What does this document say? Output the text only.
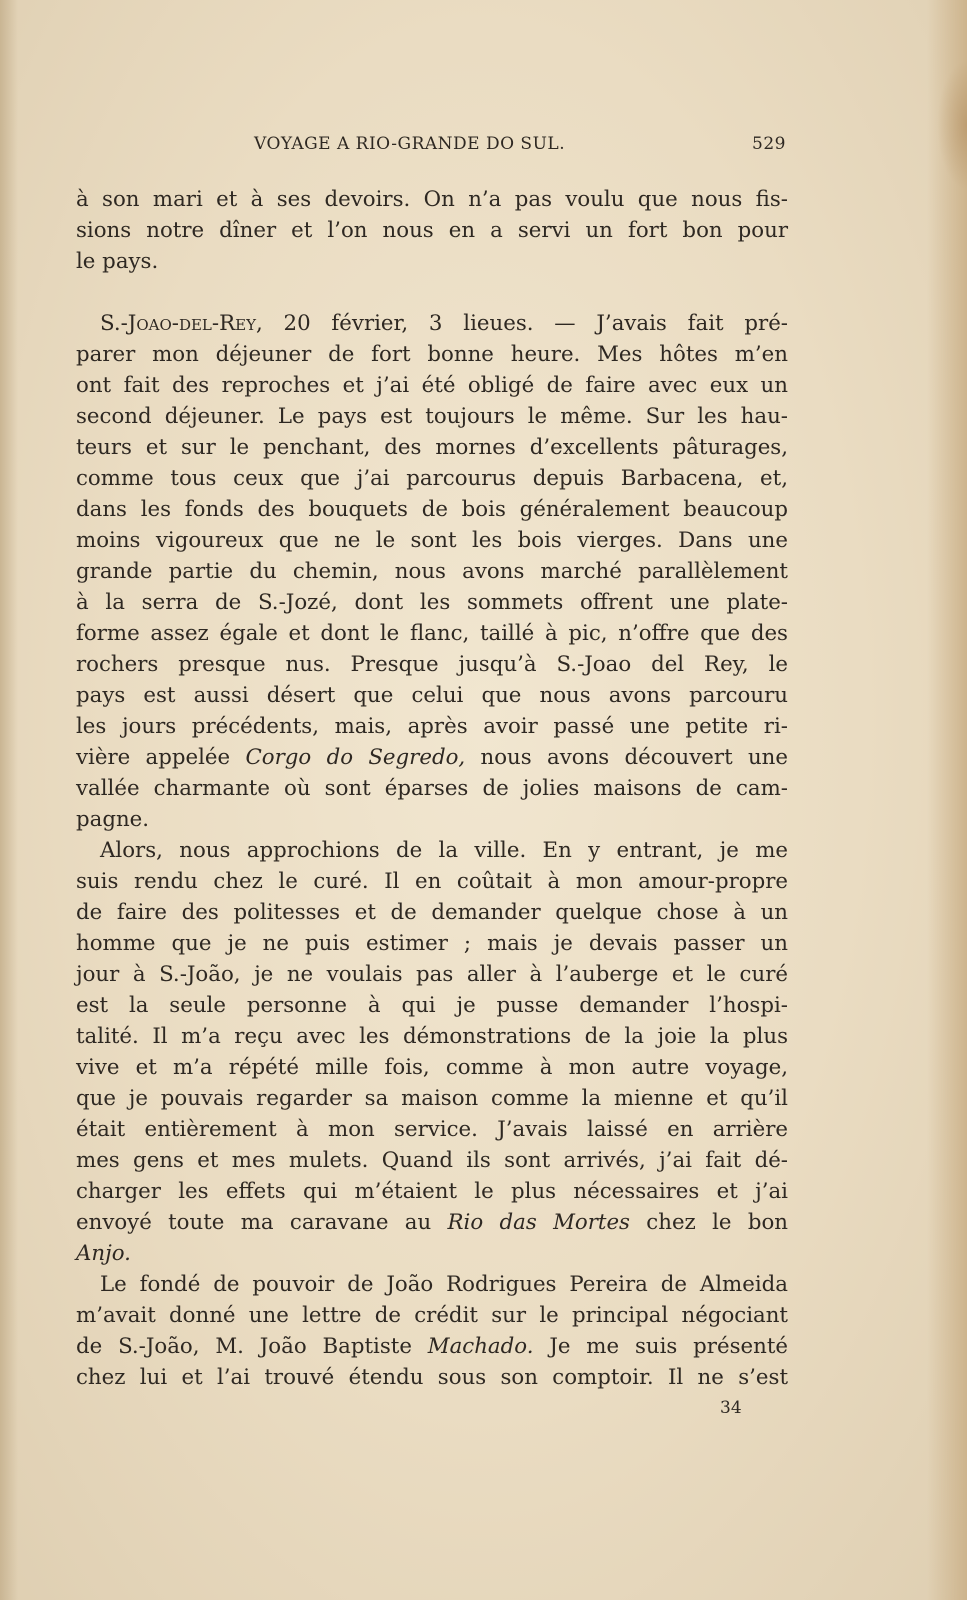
VOYAGE A RIO-GRANDE DO SUL.	529
à son mari et à ses devoirs. On n’a pas voulu que nous fis-
sions notre dîner et l’on nous en a servi un fort bon pour
le pays.
S.-Joao-del-Rey, 20 février, 3 lieues. — J’avais fait pré-
parer mon déjeuner de fort bonne heure. Mes hôtes m’en
ont fait des reproches et j’ai été obligé de faire avec eux un
second déjeuner. Le pays est toujours le même. Sur les hau-
teurs et sur le penchant, des mornes d’excellents pâturages,
comme tous ceux que j’ai parcourus depuis Barbacena, et,
dans les fonds des bouquets de bois généralement beaucoup
moins vigoureux que ne le sont les bois vierges. Dans une
grande partie du chemin, nous avons marché parallèlement
à la serra de S.-Jozé, dont les sommets offrent une plate-
forme assez égale et dont le flanc, taillé à pic, n’offre que des
rochers presque nus. Presque jusqu’à S.-Joao del Rey, le
pays est aussi désert que celui que nous avons parcouru
les jours précédents, mais, après avoir passé une petite ri-
vière appelée Corgo do Segredo, nous avons découvert une
vallée charmante où sont éparses de jolies maisons de cam-
pagne.
Alors, nous approchions de la ville. En y entrant, je me
suis rendu chez le curé. Il en coûtait à mon amour-propre
de faire des politesses et de demander quelque chose à un
homme que je ne puis estimer ; mais je devais passer un
jour à S.-João, je ne voulais pas aller à l’auberge et le curé
est la seule personne à qui je pusse demander l’hospi-
talité. Il m’a reçu avec les démonstrations de la joie la plus
vive et m’a répété mille fois, comme à mon autre voyage,
que je pouvais regarder sa maison comme la mienne et qu’il
était entièrement à mon service. J’avais laissé en arrière
mes gens et mes mulets. Quand ils sont arrivés, j’ai fait dé-
charger les effets qui m’étaient le plus nécessaires et j’ai
envoyé toute ma caravane au Rio das Mortes chez le bon
Anjo.
Le fondé de pouvoir de João Rodrigues Pereira de Almeida
m’avait donné une lettre de crédit sur le principal négociant
de S.-João, M. João Baptiste Machado. Je me suis présenté
chez lui et l’ai trouvé étendu sous son comptoir. Il ne s’est
34
